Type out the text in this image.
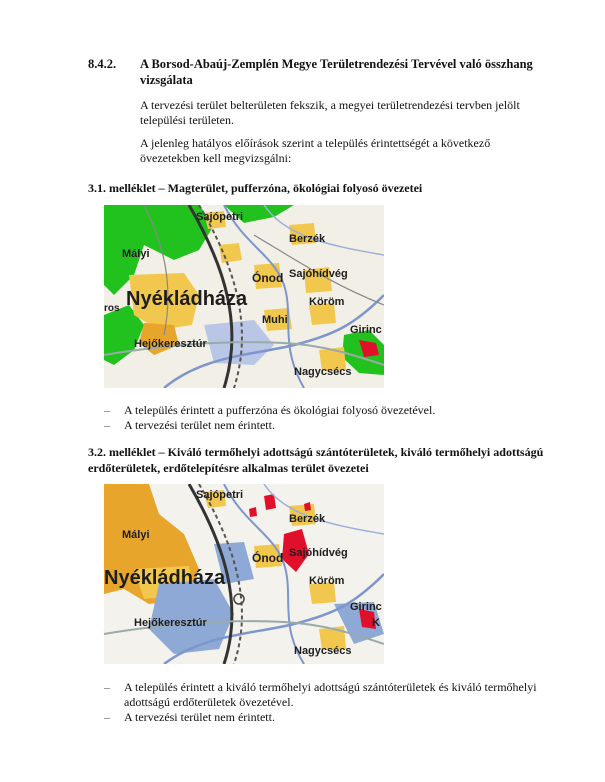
8.4.2. A Borsod-Abaúj-Zemplén Megye Területrendezési Tervével való összhang vizsgálata
A tervezési terület belterületen fekszik, a megyei területrendezési tervben jelölt települési területen.
A jelenleg hatályos előírások szerint a település érintettségét a következő övezetekben kell megvizsgálni:
3.1. melléklet – Magterület, pufferzóna, ökológiai folyosó övezetei
Sajópetri
Berzék
Mályi
Ónod Sajóhídvég
Nyékládháza	Köröm
Muhi
Girinc
Hejőkeresztúr
Nagycsécs
ros
– A település érintett a pufferzóna és ökológiai folyosó övezetével.
– A tervezési terület nem érintett.
3.2. melléklet – Kiváló termőhelyi adottságú szántóterületek, kiváló termőhelyi adottságú erdőterületek, erdőtelepítésre alkalmas terület övezetei
Sajópetri
Berzék
Mályi
Ónod Sajóhídvég
Nyékládháza	Köröm
Girinc
Hejőkeresztúr
Nagycsécs
K
– A település érintett a kiváló termőhelyi adottságú szántóterületek és kiváló termőhelyi adottságú erdőterületek övezetével.
– A tervezési terület nem érintett.
